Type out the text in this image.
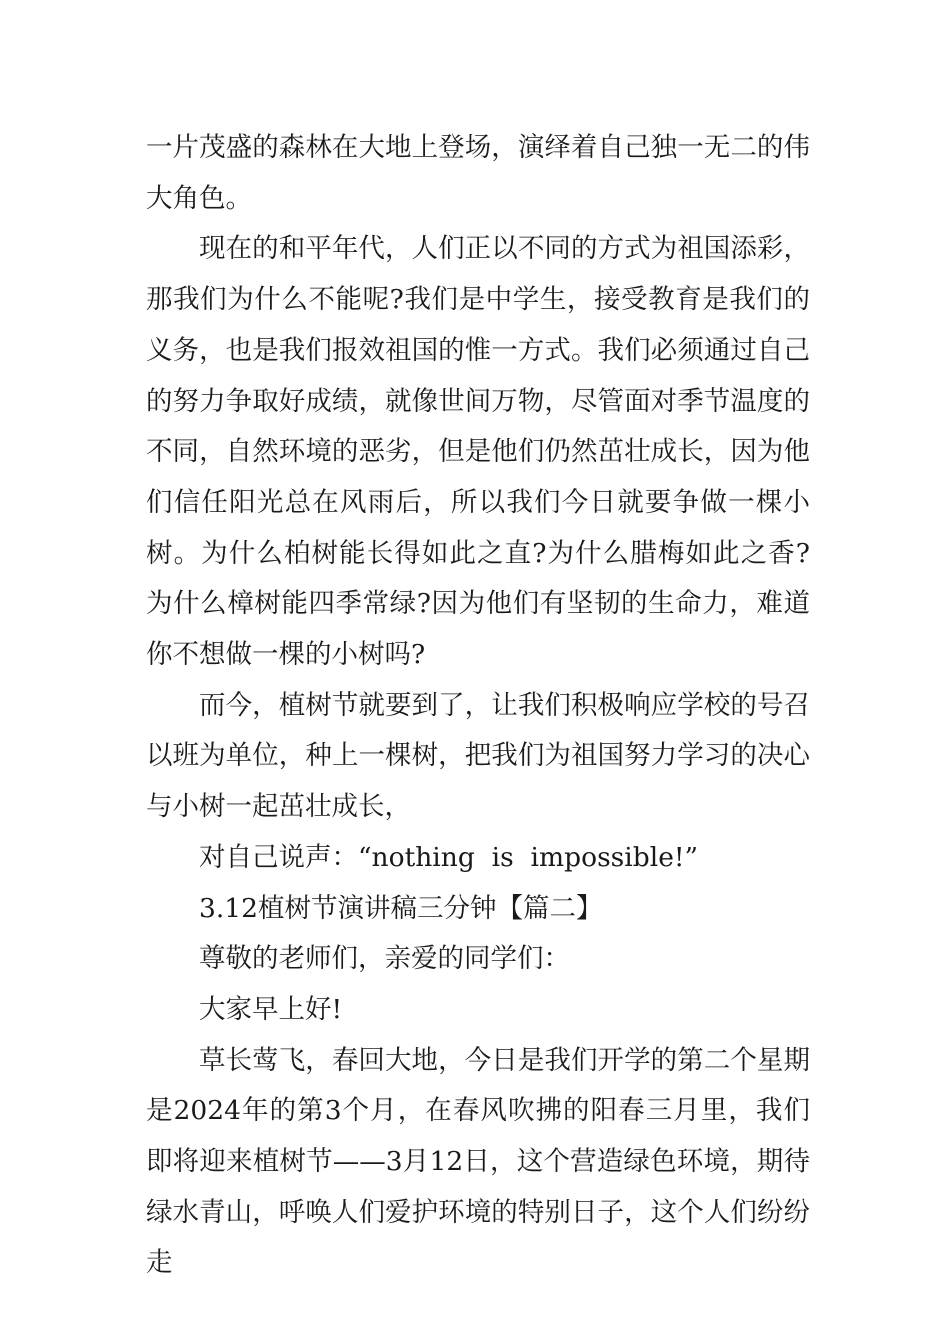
一片茂盛的森林在大地上登场，演绎着自己独一无二的伟大角色。

现在的和平年代，人们正以不同的方式为祖国添彩，那我们为什么不能呢?我们是中学生，接受教育是我们的义务，也是我们报效祖国的惟一方式。我们必须通过自己的努力争取好成绩，就像世间万物，尽管面对季节温度的不同，自然环境的恶劣，但是他们仍然茁壮成长，因为他们信任阳光总在风雨后，所以我们今日就要争做一棵小树。为什么柏树能长得如此之直?为什么腊梅如此之香?为什么樟树能四季常绿?因为他们有坚韧的生命力，难道你不想做一棵的小树吗?

而今，植树节就要到了，让我们积极响应学校的号召以班为单位，种上一棵树，把我们为祖国努力学习的决心与小树一起茁壮成长，

对自己说声：“nothing  is  impossible!”

3.12植树节演讲稿三分钟【篇二】

尊敬的老师们，亲爱的同学们：

大家早上好!

草长莺飞，春回大地，今日是我们开学的第二个星期是2024年的第3个月，在春风吹拂的阳春三月里，我们即将迎来植树节——3月12日，这个营造绿色环境，期待绿水青山，呼唤人们爱护环境的特别日子，这个人们纷纷走
